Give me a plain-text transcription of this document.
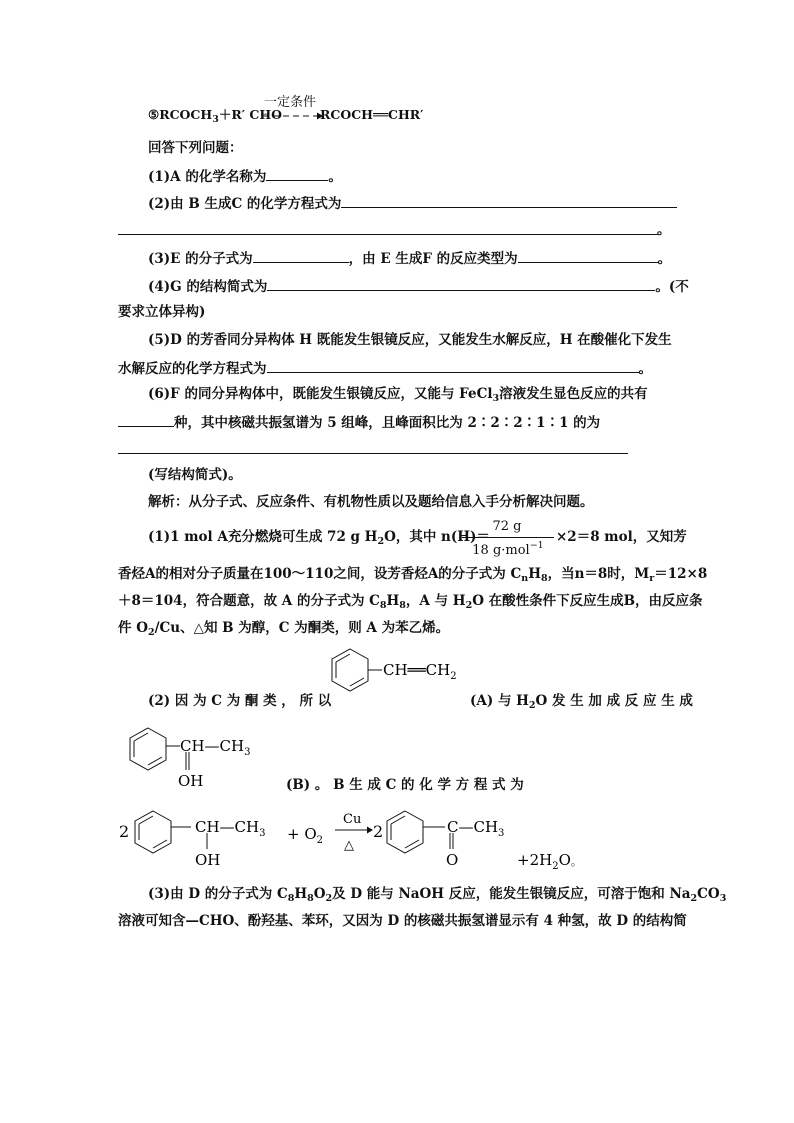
$⑤RCOCH_3+R'$ CHO
一定条件
RCOCH══CHR′
回答下列问题：
(1)A 的化学名称为	。
(2)由 B 生成C 的化学方程式为
。
(3)E 的分子式为	，由 E 生成F 的反应类型为	。
(4)G 的结构简式为	。(不
要求立体异构)
(5)D 的芳香同分异构体 H 既能发生银镜反应，又能发生水解反应，H 在酸催化下发生
水解反应的化学方程式为	。
(6)F 的同分异构体中，既能发生银镜反应，又能与 FeCl$_3$溶液发生显色反应的共有
种，其中核磁共振氢谱为 5 组峰，且峰面积比为 2∶2∶2∶1∶1 的为
(写结构简式)。
解析：从分子式、反应条件、有机物性质以及题给信息入手分析解决问题。
(1)1 mol A充分燃烧可生成 72 g $H_2O$，其中 n(H)＝
72 g
18 g·mol$^{-1}$
×2＝8 mol，又知芳
香烃A的相对分子质量在100～110之间，设芳香烃A的分子式为 $C_nH_8$，当n＝8时，$M_r=12\times 8$
＋8＝104，符合题意，故 A 的分子式为 $C_8H_8$，A 与 $H_2O$ 在酸性条件下反应生成B，由反应条
件 $O_2/Cu$、△知 B 为醇，C 为酮类，则 A 为苯乙烯。
$CH══CH_2$
(2) 因 为 C 为 酮 类 ， 所 以	(A) 与 $H_2O$ 发 生 加 成 反 应 生 成
$CH—CH_3$
OH	(B) 。 B 生 成 C 的 化 学 方 程 式 为
2	$CH—CH_3$
OH
+ $O_2$
Cu
△
2	$C—CH_3$
O	$+2H_2O$。
(3)由 D 的分子式为 $C_8H_8O_2$及 D 能与 NaOH 反应，能发生银镜反应，可溶于饱和 $Na_2CO_3$
溶液可知含—CHO、酚羟基、苯环，又因为 D 的核磁共振氢谱显示有 4 种氢，故 D 的结构简
